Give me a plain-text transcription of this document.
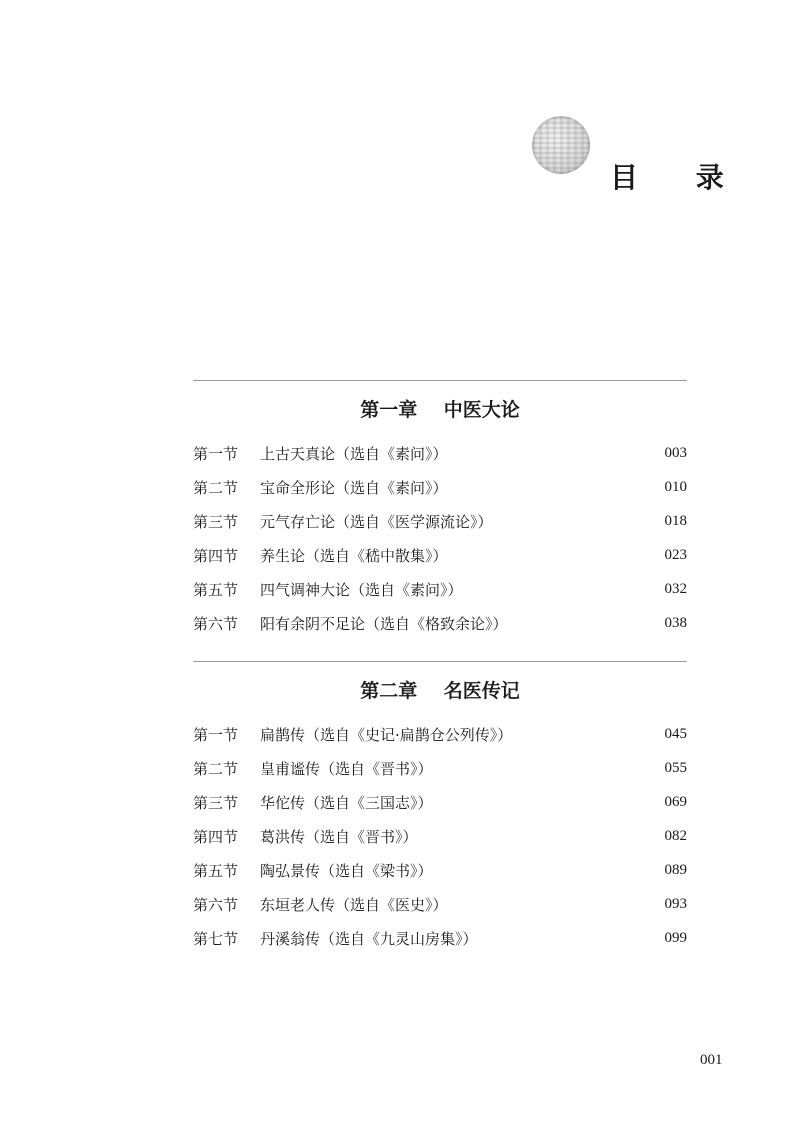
目 录
第一章    中医大论
第一节	上古天真论（选自《素问》）	003
第二节	宝命全形论（选自《素问》）	010
第三节	元气存亡论（选自《医学源流论》）	018
第四节	养生论（选自《嵇中散集》）	023
第五节	四气调神大论（选自《素问》）	032
第六节	阳有余阴不足论（选自《格致余论》）	038
第二章    名医传记
第一节	扁鹊传（选自《史记·扁鹊仓公列传》）	045
第二节	皇甫谧传（选自《晋书》）	055
第三节	华佗传（选自《三国志》）	069
第四节	葛洪传（选自《晋书》）	082
第五节	陶弘景传（选自《梁书》）	089
第六节	东垣老人传（选自《医史》）	093
第七节	丹溪翁传（选自《九灵山房集》）	099
001
